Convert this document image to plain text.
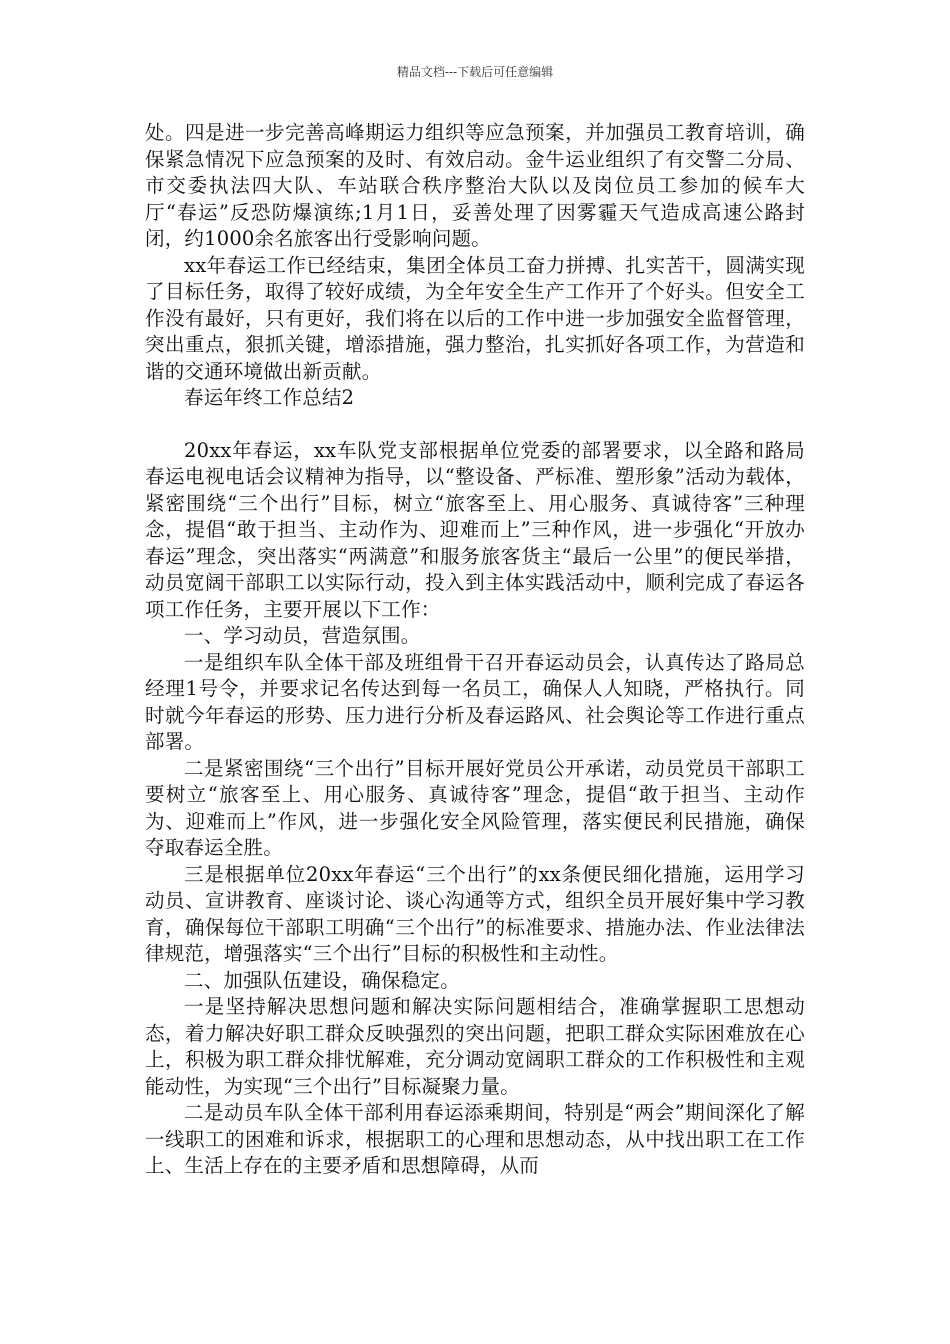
精品文档---下载后可任意编辑

处。四是进一步完善高峰期运力组织等应急预案，并加强员工教育培训，确保紧急情况下应急预案的及时、有效启动。金牛运业组织了有交警二分局、市交委执法四大队、车站联合秩序整治大队以及岗位员工参加的候车大厅“春运”反恐防爆演练;1月1日，妥善处理了因雾霾天气造成高速公路封闭，约1000余名旅客出行受影响问题。

xx年春运工作已经结束，集团全体员工奋力拼搏、扎实苦干，圆满实现了目标任务，取得了较好成绩，为全年安全生产工作开了个好头。但安全工作没有最好，只有更好，我们将在以后的工作中进一步加强安全监督管理，突出重点，狠抓关键，增添措施，强力整治，扎实抓好各项工作，为营造和谐的交通环境做出新贡献。

春运年终工作总结2

20xx年春运，xx车队党支部根据单位党委的部署要求，以全路和路局春运电视电话会议精神为指导，以“整设备、严标准、塑形象”活动为载体，紧密围绕“三个出行”目标，树立“旅客至上、用心服务、真诚待客”三种理念，提倡“敢于担当、主动作为、迎难而上”三种作风，进一步强化“开放办春运”理念，突出落实“两满意”和服务旅客货主“最后一公里”的便民举措，动员宽阔干部职工以实际行动，投入到主体实践活动中，顺利完成了春运各项工作任务，主要开展以下工作：

一、学习动员，营造氛围。

一是组织车队全体干部及班组骨干召开春运动员会，认真传达了路局总经理1号令，并要求记名传达到每一名员工，确保人人知晓，严格执行。同时就今年春运的形势、压力进行分析及春运路风、社会舆论等工作进行重点部署。

二是紧密围绕“三个出行”目标开展好党员公开承诺，动员党员干部职工要树立“旅客至上、用心服务、真诚待客”理念，提倡“敢于担当、主动作为、迎难而上”作风，进一步强化安全风险管理，落实便民利民措施，确保夺取春运全胜。

三是根据单位20xx年春运“三个出行”的xx条便民细化措施，运用学习动员、宣讲教育、座谈讨论、谈心沟通等方式，组织全员开展好集中学习教育，确保每位干部职工明确“三个出行”的标准要求、措施办法、作业法律法律规范，增强落实“三个出行”目标的积极性和主动性。

二、加强队伍建设，确保稳定。

一是坚持解决思想问题和解决实际问题相结合，准确掌握职工思想动态，着力解决好职工群众反映强烈的突出问题，把职工群众实际困难放在心上，积极为职工群众排忧解难，充分调动宽阔职工群众的工作积极性和主观能动性，为实现“三个出行”目标凝聚力量。

二是动员车队全体干部利用春运添乘期间，特别是“两会”期间深化了解一线职工的困难和诉求，根据职工的心理和思想动态，从中找出职工在工作上、生活上存在的主要矛盾和思想障碍，从而
